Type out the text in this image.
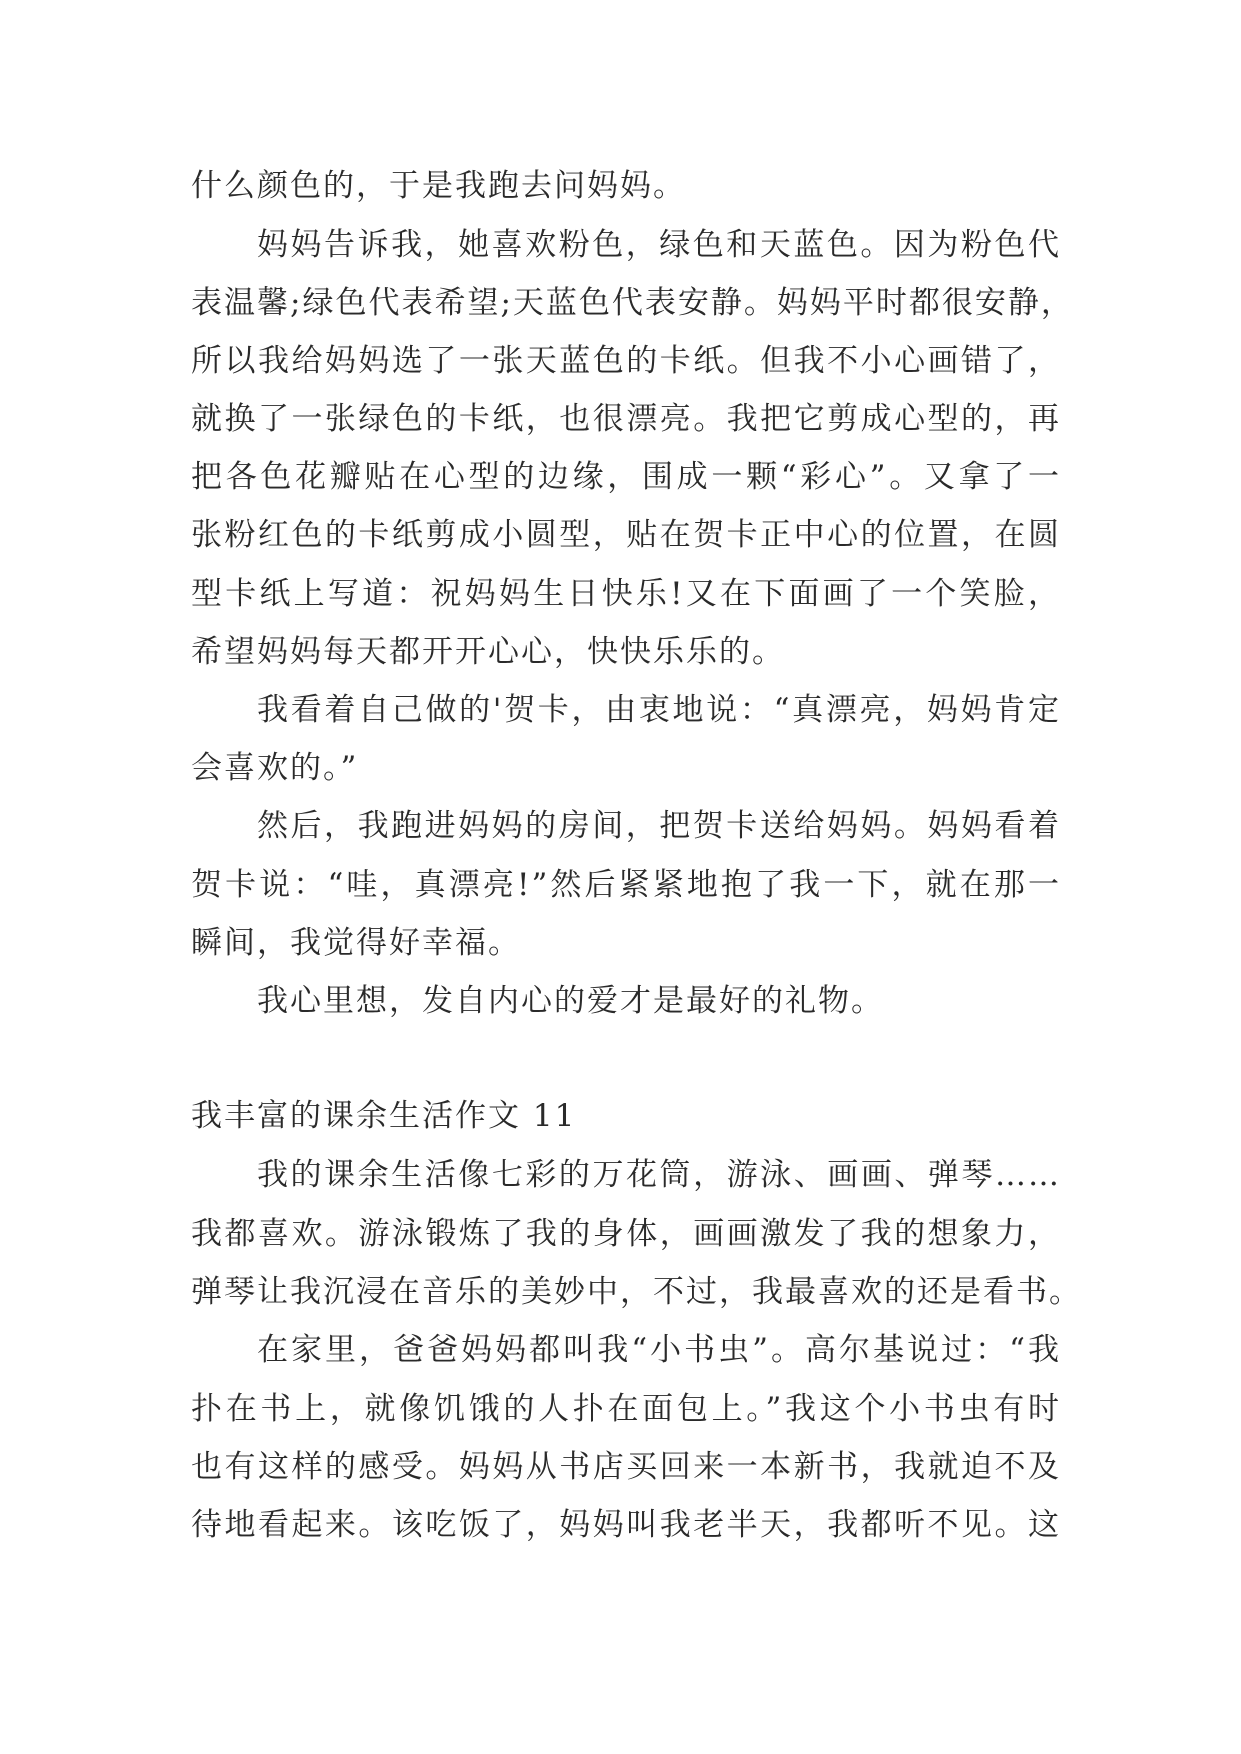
什么颜色的，于是我跑去问妈妈。
妈妈告诉我，她喜欢粉色，绿色和天蓝色。因为粉色代
表温馨;绿色代表希望;天蓝色代表安静。妈妈平时都很安静，
所以我给妈妈选了一张天蓝色的卡纸。但我不小心画错了，
就换了一张绿色的卡纸，也很漂亮。我把它剪成心型的，再
把各色花瓣贴在心型的边缘，围成一颗“彩心”。又拿了一
张粉红色的卡纸剪成小圆型，贴在贺卡正中心的位置，在圆
型卡纸上写道：祝妈妈生日快乐!又在下面画了一个笑脸，
希望妈妈每天都开开心心，快快乐乐的。
我看着自己做的'贺卡，由衷地说：“真漂亮，妈妈肯定
会喜欢的。”
然后，我跑进妈妈的房间，把贺卡送给妈妈。妈妈看着
贺卡说：“哇，真漂亮!”然后紧紧地抱了我一下，就在那一
瞬间，我觉得好幸福。
我心里想，发自内心的爱才是最好的礼物。
我丰富的课余生活作文 11
我的课余生活像七彩的万花筒，游泳、画画、弹琴……
我都喜欢。游泳锻炼了我的身体，画画激发了我的想象力，
弹琴让我沉浸在音乐的美妙中，不过，我最喜欢的还是看书。
在家里，爸爸妈妈都叫我“小书虫”。高尔基说过：“我
扑在书上，就像饥饿的人扑在面包上。”我这个小书虫有时
也有这样的感受。妈妈从书店买回来一本新书，我就迫不及
待地看起来。该吃饭了，妈妈叫我老半天，我都听不见。这
